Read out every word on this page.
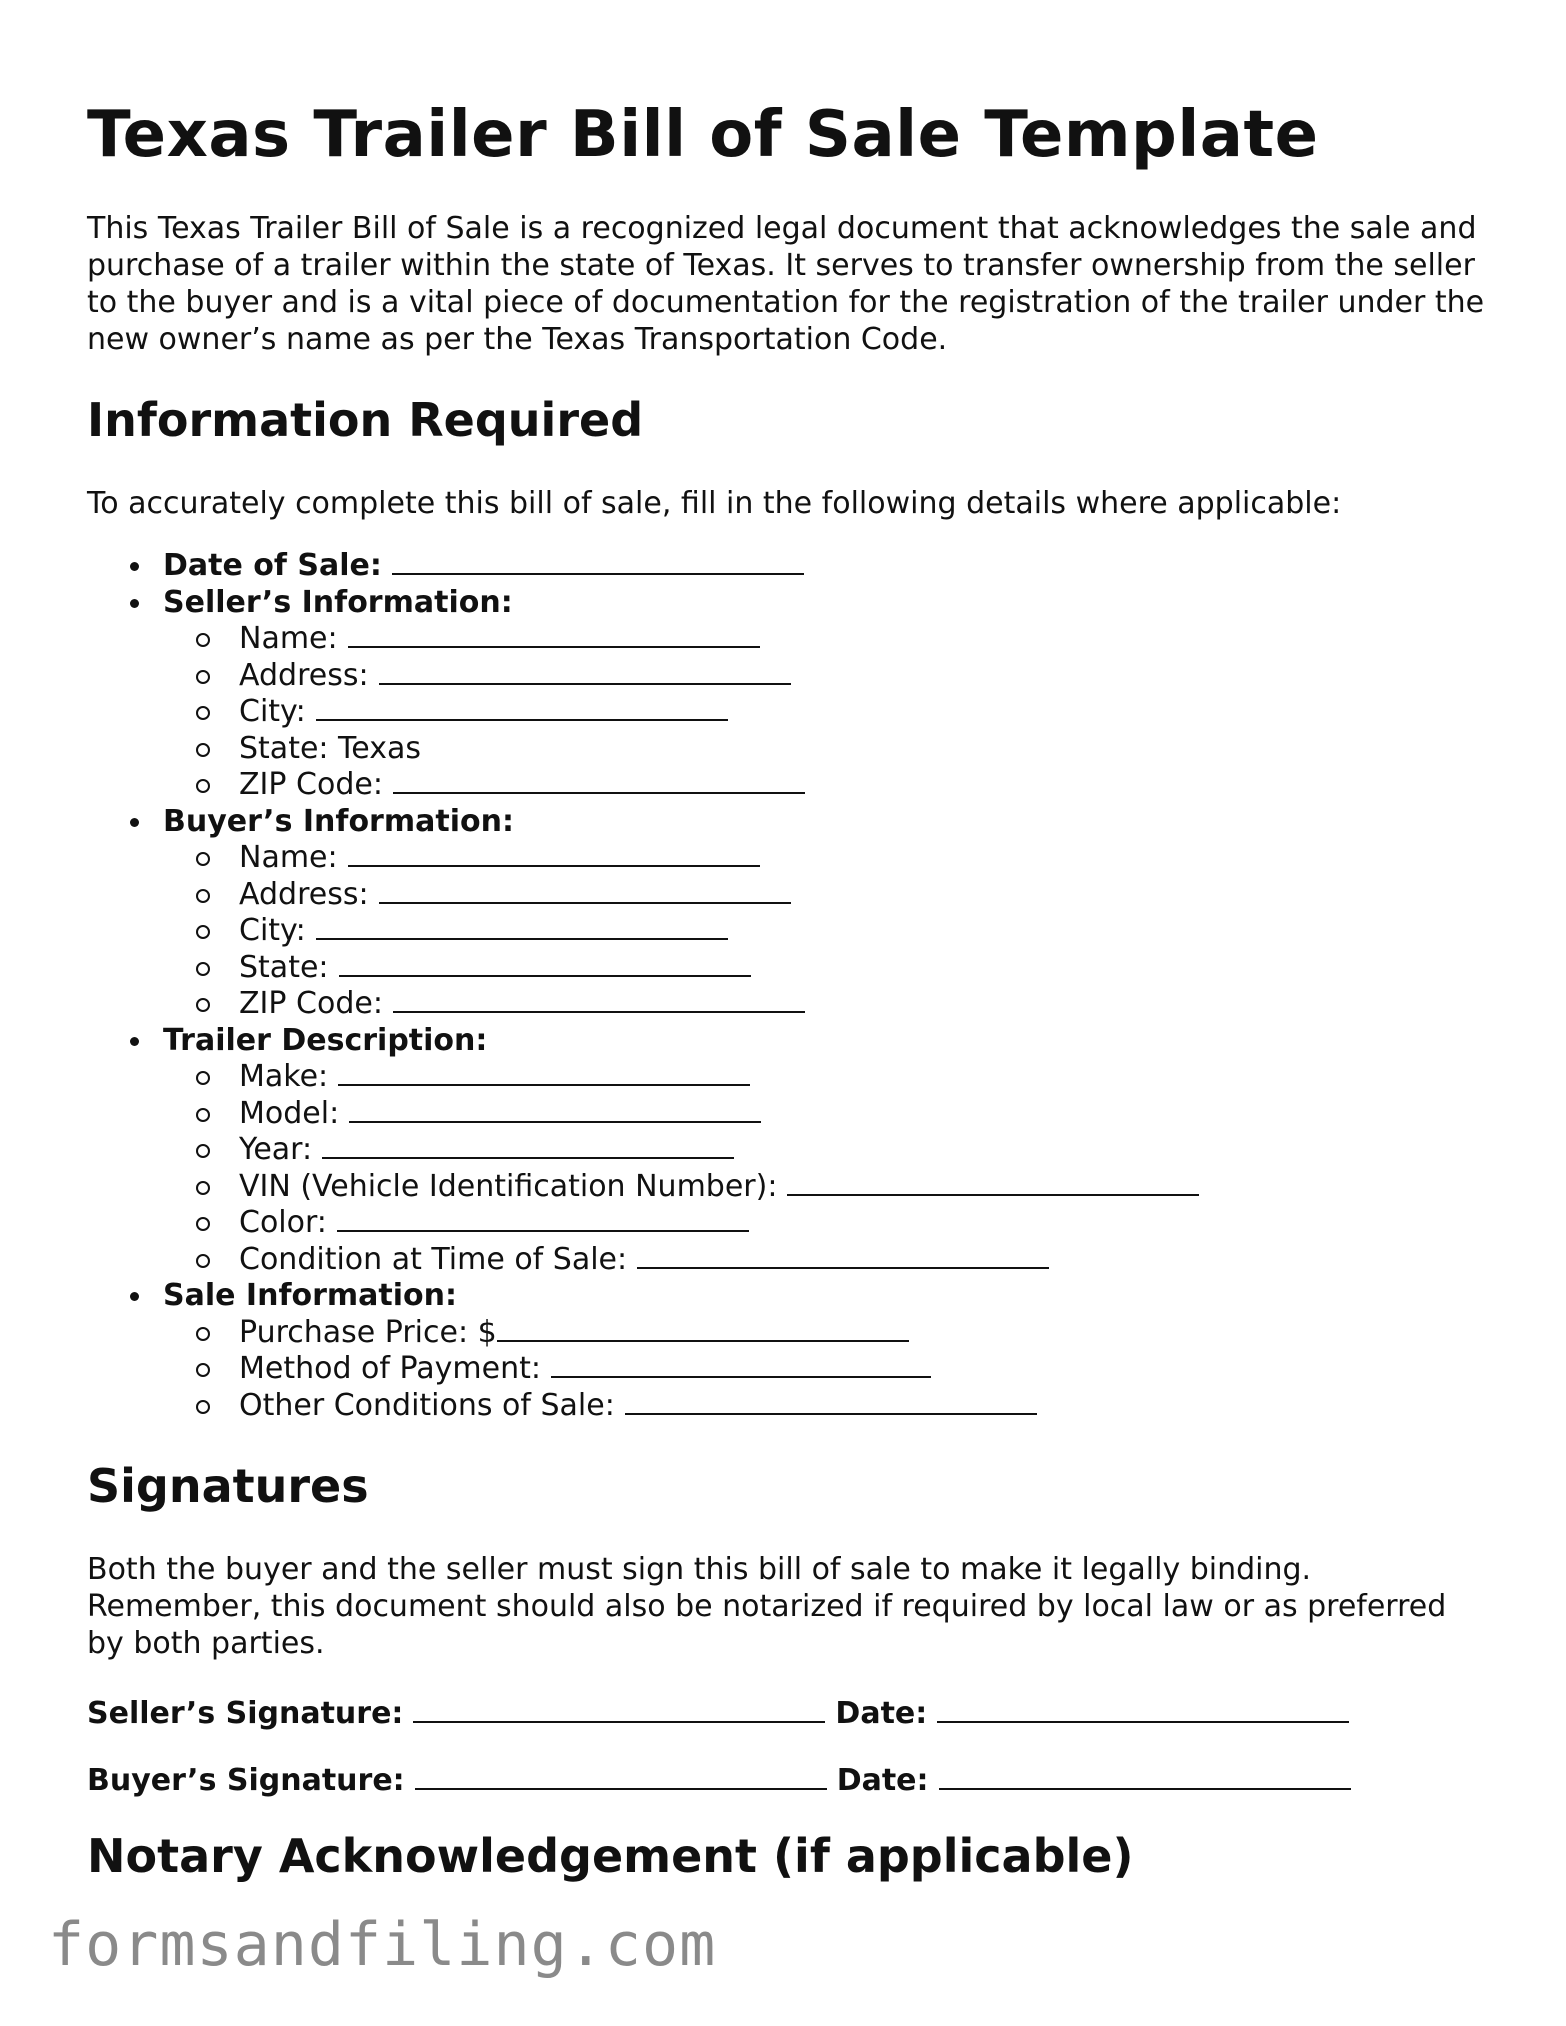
Texas Trailer Bill of Sale Template

This Texas Trailer Bill of Sale is a recognized legal document that acknowledges the sale and purchase of a trailer within the state of Texas. It serves to transfer ownership from the seller to the buyer and is a vital piece of documentation for the registration of the trailer under the new owner’s name as per the Texas Transportation Code.

Information Required

To accurately complete this bill of sale, fill in the following details where applicable:

Date of Sale:
Seller’s Information:
Name:
Address:
City:
State: Texas
ZIP Code:
Buyer’s Information:
Name:
Address:
City:
State:
ZIP Code:
Trailer Description:
Make:
Model:
Year:
VIN (Vehicle Identification Number):
Color:
Condition at Time of Sale:
Sale Information:
Purchase Price: $
Method of Payment:
Other Conditions of Sale:
Signatures

Both the buyer and the seller must sign this bill of sale to make it legally binding. Remember, this document should also be notarized if required by local law or as preferred by both parties.

Seller’s Signature:	Date:
Buyer’s Signature:	Date:
Notary Acknowledgement (if applicable)
formsandfiling.com
